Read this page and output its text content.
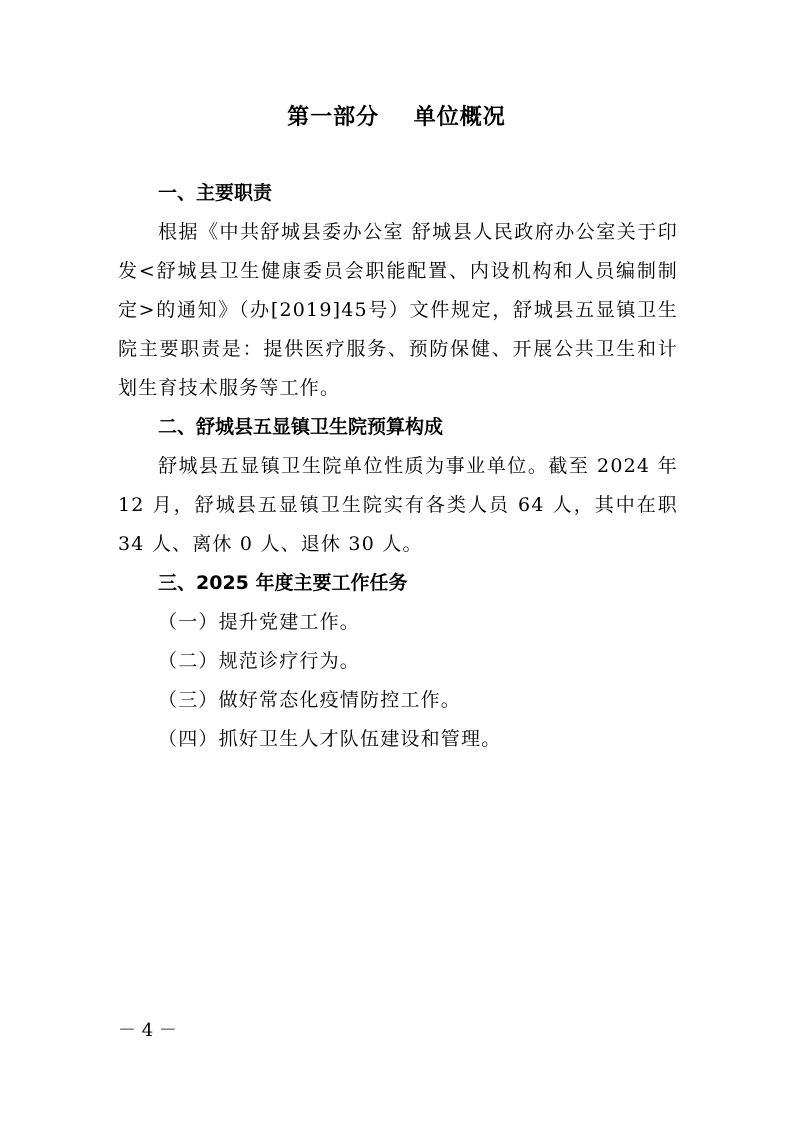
第一部分    单位概况

一、主要职责

根据《中共舒城县委办公室 舒城县人民政府办公室关于印发<舒城县卫生健康委员会职能配置、内设机构和人员编制制定>的通知》（办[2019]45号）文件规定，舒城县五显镇卫生院主要职责是：提供医疗服务、预防保健、开展公共卫生和计划生育技术服务等工作。

二、舒城县五显镇卫生院预算构成

舒城县五显镇卫生院单位性质为事业单位。截至 2024 年 12 月，舒城县五显镇卫生院实有各类人员 64 人，其中在职 34 人、离休 0 人、退休 30 人。

三、2025 年度主要工作任务

（一）提升党建工作。

（二）规范诊疗行为。

（三）做好常态化疫情防控工作。

（四）抓好卫生人才队伍建设和管理。

－ 4 －
